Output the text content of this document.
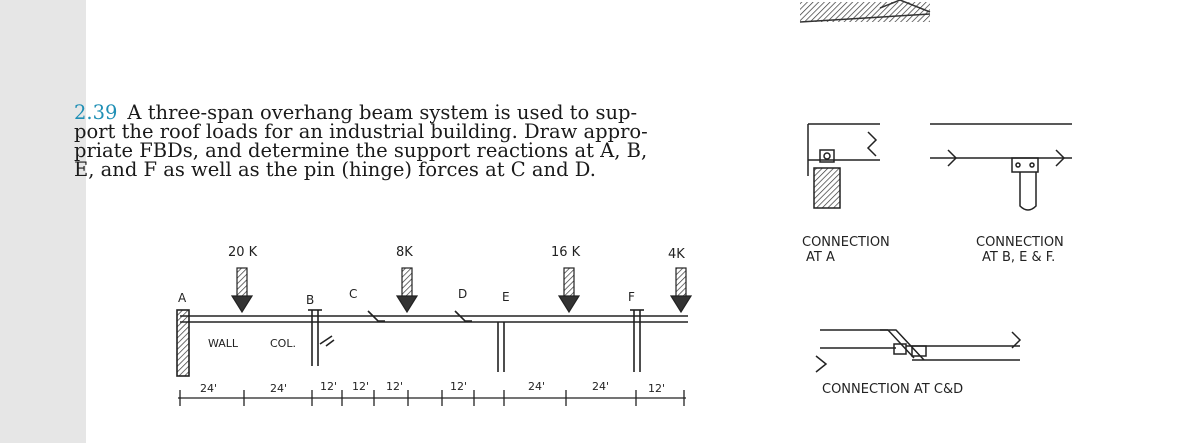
2.39 A three-span overhang beam system is used to sup-
port the roof loads for an industrial building. Draw appro-
priate FBDs, and determine the support reactions at A, B,
E, and F as well as the pin (hinge) forces at C and D.
20 K	8K	16 K	4K
A	B	C	D	E	F
WALL	COL.
24'	24'	12' 12' 12'	12'	24'	24'	12'
CONNECTION
AT A
CONNECTION
AT B, E & F.
CONNECTION AT C&D
